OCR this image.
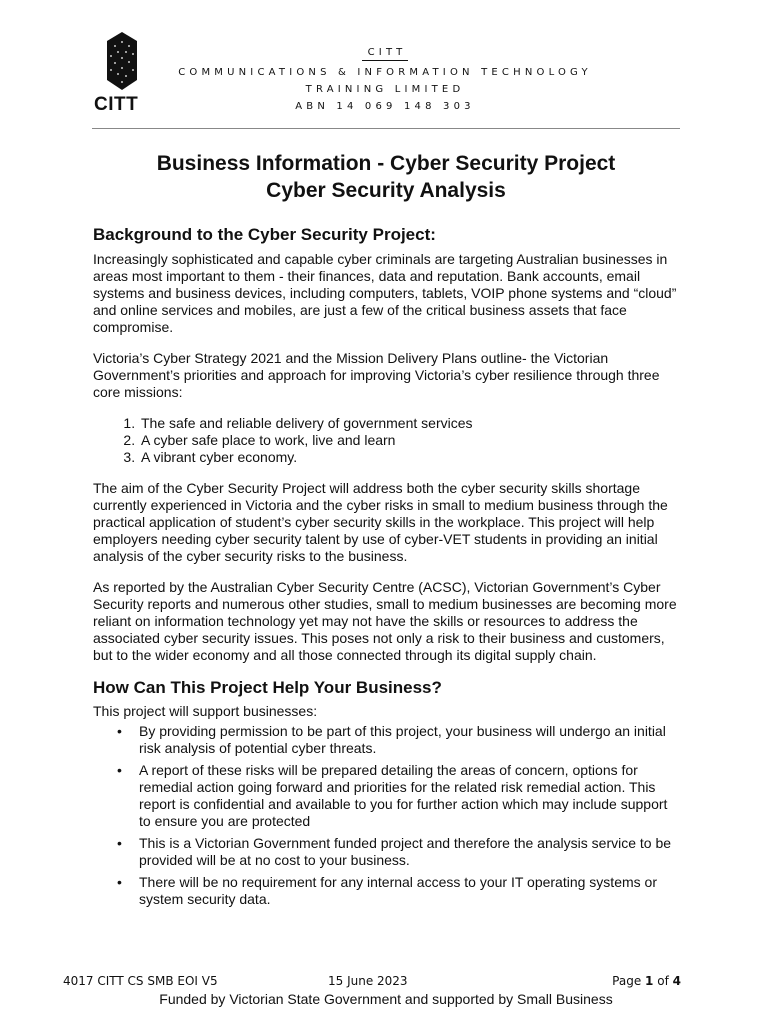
CITT
CITT
COMMUNICATIONS & INFORMATION TECHNOLOGY
TRAINING LIMITED
ABN 14 069 148 303
Business Information - Cyber Security Project
Cyber Security Analysis
Background to the Cyber Security Project:

Increasingly sophisticated and capable cyber criminals are targeting Australian businesses in areas most important to them - their finances, data and reputation. Bank accounts, email systems and business devices, including computers, tablets, VOIP phone systems and “cloud” and online services and mobiles, are just a few of the critical business assets that face compromise.

Victoria’s Cyber Strategy 2021 and the Mission Delivery Plans outline- the Victorian Government’s priorities and approach for improving Victoria’s cyber resilience through three core missions:

1. The safe and reliable delivery of government services
2. A cyber safe place to work, live and learn
3. A vibrant cyber economy.

The aim of the Cyber Security Project will address both the cyber security skills shortage currently experienced in Victoria and the cyber risks in small to medium business through the practical application of student’s cyber security skills in the workplace. This project will help employers needing cyber security talent by use of cyber-VET students in providing an initial analysis of the cyber security risks to the business.

As reported by the Australian Cyber Security Centre (ACSC), Victorian Government’s Cyber Security reports and numerous other studies, small to medium businesses are becoming more reliant on information technology yet may not have the skills or resources to address the associated cyber security issues. This poses not only a risk to their business and customers, but to the wider economy and all those connected through its digital supply chain.

How Can This Project Help Your Business?

This project will support businesses:

• By providing permission to be part of this project, your business will undergo an initial risk analysis of potential cyber threats.
• A report of these risks will be prepared detailing the areas of concern, options for remedial action going forward and priorities for the related risk remedial action. This report is confidential and available to you for further action which may include support to ensure you are protected
• This is a Victorian Government funded project and therefore the analysis service to be provided will be at no cost to your business.
• There will be no requirement for any internal access to your IT operating systems or system security data.
4017 CITT CS SMB EOI V5	15 June 2023	Page 1 of 4
Funded by Victorian State Government and supported by Small Business
